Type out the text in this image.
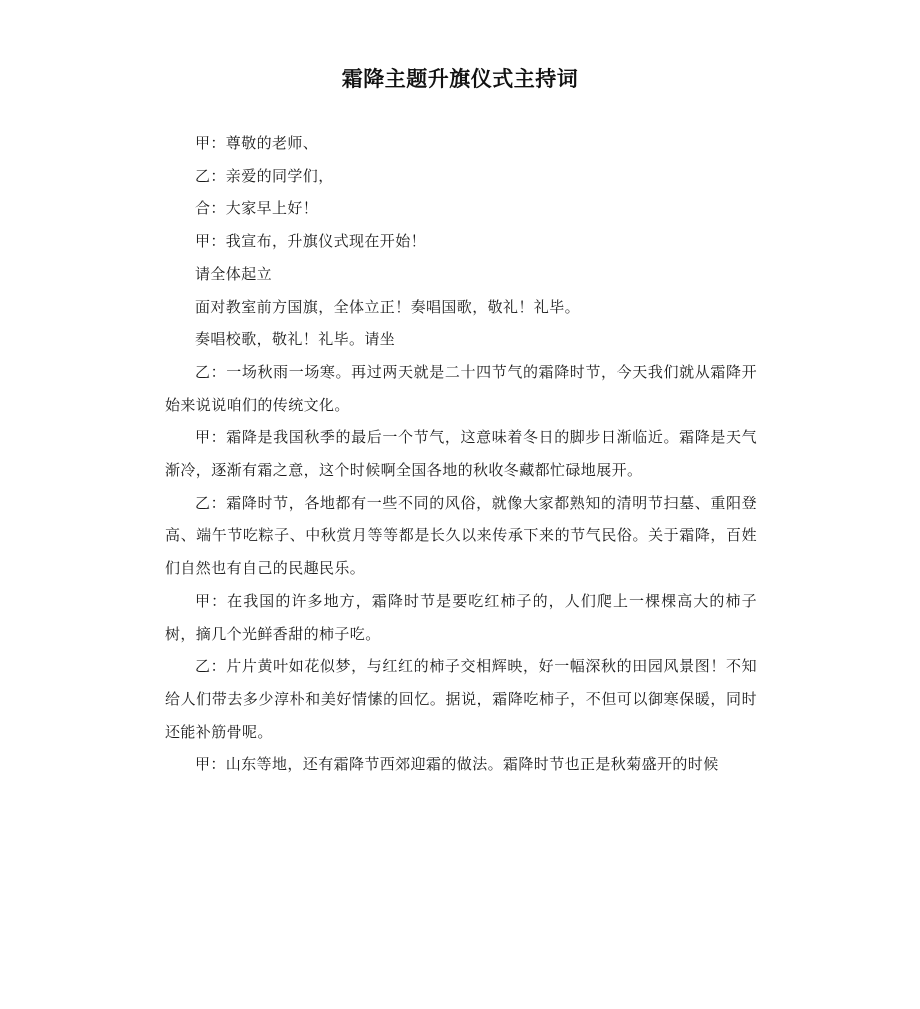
霜降主题升旗仪式主持词

甲：尊敬的老师、

乙：亲爱的同学们，

合：大家早上好！

甲：我宣布，升旗仪式现在开始！

请全体起立

面对教室前方国旗，全体立正！奏唱国歌，敬礼！礼毕。

奏唱校歌，敬礼！礼毕。请坐

乙：一场秋雨一场寒。再过两天就是二十四节气的霜降时节，今天我们就从霜降开始来说说咱们的传统文化。

甲：霜降是我国秋季的最后一个节气，这意味着冬日的脚步日渐临近。霜降是天气渐冷，逐渐有霜之意，这个时候啊全国各地的秋收冬藏都忙碌地展开。

乙：霜降时节，各地都有一些不同的风俗，就像大家都熟知的清明节扫墓、重阳登高、端午节吃粽子、中秋赏月等等都是长久以来传承下来的节气民俗。关于霜降，百姓们自然也有自己的民趣民乐。

甲：在我国的许多地方，霜降时节是要吃红柿子的，人们爬上一棵棵高大的柿子树，摘几个光鲜香甜的柿子吃。

乙：片片黄叶如花似梦，与红红的柿子交相辉映，好一幅深秋的田园风景图！不知给人们带去多少淳朴和美好情愫的回忆。据说，霜降吃柿子，不但可以御寒保暖，同时还能补筋骨呢。

甲：山东等地，还有霜降节西郊迎霜的做法。霜降时节也正是秋菊盛开的时候
